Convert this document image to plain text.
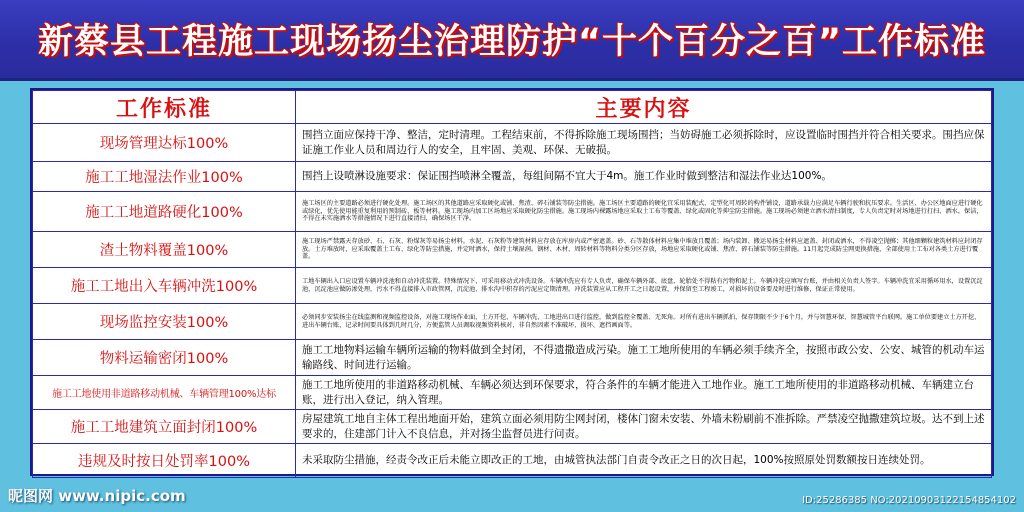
新蔡县工程施工现场扬尘治理防护“十个百分之百”工作标准
工作标准	主要内容
现场管理达标100%	围挡立面应保持干净、整洁，定时清理。工程结束前，不得拆除施工现场围挡；当妨碍施工必须拆除时，应设置临时围挡并符合相关要求。围挡应保证施工作业人员和周边行人的安全，且牢固、美观、环保、无破损。
施工工地湿法作业100%	围挡上设喷淋设施要求：保证围挡喷淋全覆盖，每组间隔不宜大于4m。施工作业时做到整洁和湿法作业达100%。
施工工地道路硬化100%	施工场区的主要道路必须进行硬化处理。施工场区的其他道路应采取硬化或铺、焦渣、碎石铺装等防尘措施。施工场区主要道路的硬化宜采用装配式、定型化可周转的构件铺设，道路承载力应满足车辆行驶和抗压要求。生活区、办公区地面应进行硬化或绿化，优先使用能重复利用的预制砖、板等材料。施工现场内加工区场地应采取硬化防尘措施。施工现场内裸露场地应采取土工布等覆盖、绿化或固化等抑尘防尘措施。施工现场必须建立洒水清扫制度，专人负责定时对场地进行打扫、洒水，保洁，不得在未实施洒水等措施情况下进行直接清扫，确保场区干净。
渣土物料覆盖100%	施工现场严禁露天存放砂、石、石灰、粉煤灰等易扬尘材料。水泥、石灰粉等建筑材料应存放在库房内或严密遮盖。砂、石等散体材料应集中堆放且覆盖；场内装卸、搬运易扬尘材料应遮盖、封闭或洒水，不得凌空抛掷；其他细颗粒建筑材料应封闭存放。土方堆放时，应采取覆盖土工布、绿化等防尘措施，并定时洒水，保持土壤湿润。钢材、木材、周转材料等物料分类分区存放，场地应采取硬化或铺、焦渣、碎石铺装等防尘措施。11月起完成防尘网更换措施，全部使用土工布对各类土方进行覆盖。
施工工地出入车辆冲洗100%	工地车辆出入口应设置车辆冲洗池和自动冲洗装置。特殊情况下，可采用移动式冲洗设备。车辆冲洗应有专人负责，确保车辆外部、底盘、轮胎处不得粘有污物和泥土。车辆冲洗应填写台账，并由相关负责人签字。车辆冲洗宜采用循环用水，设置沉淀池，沉淀池应做防渗处理，污水不得直接排入市政管网，沉淀池、排水沟中积存的污泥应定期清理。冲洗装置应从工程开工之日起设置，并保留至工程竣工，对损坏的设备要及时进行维修，保证正常使用。
现场监控安装100%	必须同步安装扬尘在线监测和视频监控设备，对施工现场作业面、土方开挖、车辆冲洗、工地进出口进行监控，做到监控全覆盖、无死角。对所有进出车辆抓拍，保存期限不少于6个月，并与智慧环保、智慧城管平台联网。施工单位要建立土方开挖、进出车辆台账，记录时间要具体到几时几分，方便监管人员调取视频资料核对，非自然因素不准破坏、损坏、遮挡画面等。
物料运输密闭100%	施工工地物料运输车辆所运输的物料做到全封闭，不得遗撒造成污染。施工工地所使用的车辆必须手续齐全，按照市政公安、公安、城管的机动车运输路线、时间进行运输。
施工工地使用非道路移动机械、车辆管理100%达标	施工工地所使用的非道路移动机械、车辆必须达到环保要求，符合条件的车辆才能进入工地作业。施工工地所使用的非道路移动机械、车辆建立台账，进行出入登记，纳入管理。
施工工地建筑立面封闭100%	房屋建筑工地自主体工程出地面开始，建筑立面必须用防尘网封闭，楼体门窗未安装、外墙未粉刷前不准拆除。严禁凌空抛撒建筑垃圾。达不到上述要求的，住建部门计入不良信息，并对扬尘监督员进行问责。
违规及时按日处罚率100%	未采取防尘措施，经责令改正后未能立即改正的工地，由城管执法部门自责令改正之日的次日起，100%按照原处罚数额按日连续处罚。
昵图网 www.nipic.com	ID:25286385 NO:20210903122154854102
